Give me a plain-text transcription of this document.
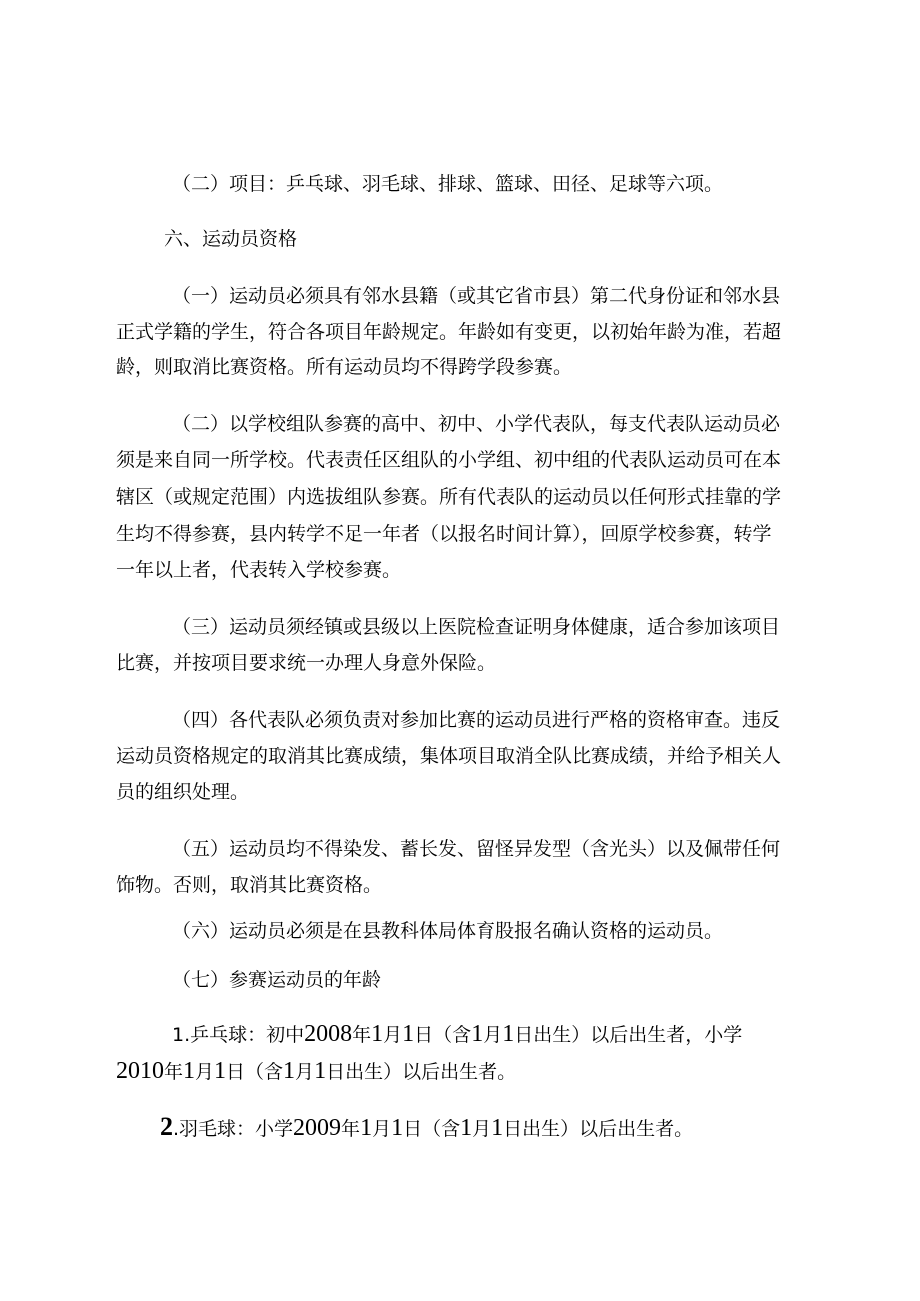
（二）项目：乒乓球、羽毛球、排球、篮球、田径、足球等六项。
六、运动员资格
（一）运动员必须具有邻水县籍（或其它省市县）第二代身份证和邻水县
正式学籍的学生，符合各项目年龄规定。年龄如有变更，以初始年龄为准，若超
龄，则取消比赛资格。所有运动员均不得跨学段参赛。
（二）以学校组队参赛的高中、初中、小学代表队，每支代表队运动员必
须是来自同一所学校。代表责任区组队的小学组、初中组的代表队运动员可在本
辖区（或规定范围）内选拔组队参赛。所有代表队的运动员以任何形式挂靠的学
生均不得参赛，县内转学不足一年者（以报名时间计算），回原学校参赛，转学
一年以上者，代表转入学校参赛。
（三）运动员须经镇或县级以上医院检查证明身体健康，适合参加该项目
比赛，并按项目要求统一办理人身意外保险。
（四）各代表队必须负责对参加比赛的运动员进行严格的资格审查。违反
运动员资格规定的取消其比赛成绩，集体项目取消全队比赛成绩，并给予相关人
员的组织处理。
（五）运动员均不得染发、蓄长发、留怪异发型（含光头）以及佩带任何
饰物。否则，取消其比赛资格。
（六）运动员必须是在县教科体局体育股报名确认资格的运动员。
（七）参赛运动员的年龄
1.乒乓球：初中2008年1月1日（含1月1日出生）以后出生者，小学
2010年1月1日（含1月1日出生）以后出生者。
2.羽毛球：小学2009年1月1日（含1月1日出生）以后出生者。
